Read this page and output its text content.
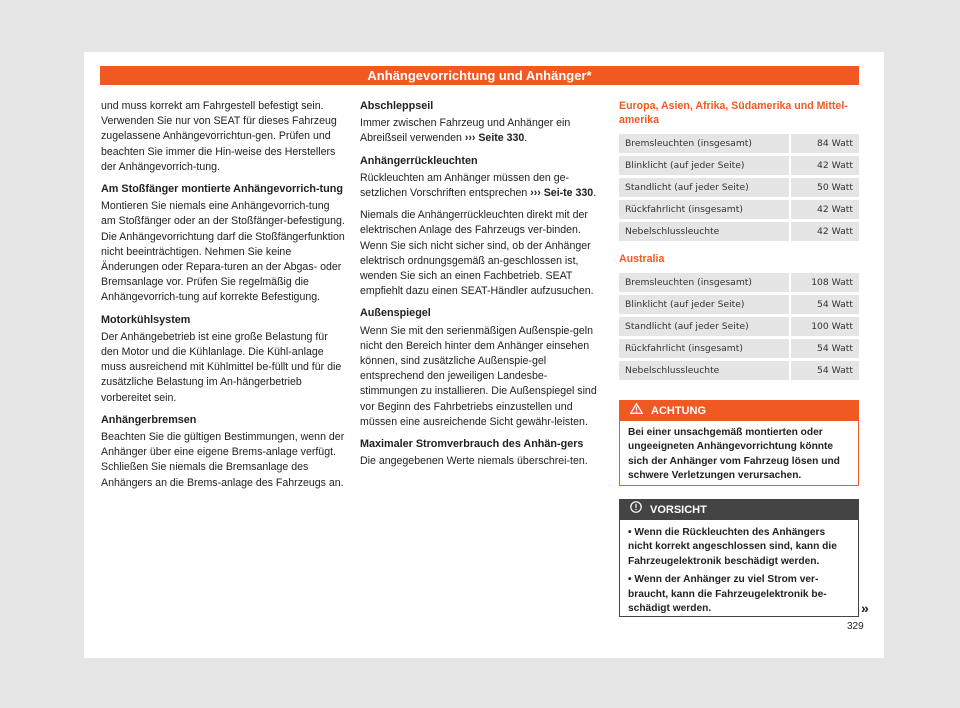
Anhängevorrichtung und Anhänger*

und muss korrekt am Fahrgestell befestigt sein. Verwenden Sie nur von SEAT für dieses Fahrzeug zugelassene Anhängevorrichtun-gen. Prüfen und beachten Sie immer die Hin-weise des Herstellers der Anhängevorrich-tung.

Am Stoßfänger montierte Anhängevorrich-tung

Montieren Sie niemals eine Anhängevorrich-tung am Stoßfänger oder an der Stoßfänger-befestigung. Die Anhängevorrichtung darf die Stoßfängerfunktion nicht beeinträchtigen. Nehmen Sie keine Änderungen oder Repara-turen an der Abgas- oder Bremsanlage vor. Prüfen Sie regelmäßig die Anhängevorrich-tung auf korrekte Befestigung.

Motorkühlsystem

Der Anhängebetrieb ist eine große Belastung für den Motor und die Kühlanlage. Die Kühl-anlage muss ausreichend mit Kühlmittel be-füllt und für die zusätzliche Belastung im An-hängerbetrieb vorbereitet sein.

Anhängerbremsen

Beachten Sie die gültigen Bestimmungen, wenn der Anhänger über eine eigene Brems-anlage verfügt. Schließen Sie niemals die Bremsanlage des Anhängers an die Brems-anlage des Fahrzeugs an.

Abschleppseil

Immer zwischen Fahrzeug und Anhänger ein Abreißseil verwenden ››› Seite 330.

Anhängerrückleuchten

Rückleuchten am Anhänger müssen den ge-setzlichen Vorschriften entsprechen ››› Sei-te 330.

Niemals die Anhängerrückleuchten direkt mit der elektrischen Anlage des Fahrzeugs ver-binden. Wenn Sie sich nicht sicher sind, ob der Anhänger elektrisch ordnungsgemäß an-geschlossen ist, wenden Sie sich an einen Fachbetrieb. SEAT empfiehlt dazu einen SEAT-Händler aufzusuchen.

Außenspiegel

Wenn Sie mit den serienmäßigen Außenspie-geln nicht den Bereich hinter dem Anhänger einsehen können, sind zusätzliche Außenspie-gel entsprechend den jeweiligen Landesbe-stimmungen zu installieren. Die Außenspiegel sind vor Beginn des Fahrbetriebs einzustellen und müssen eine ausreichende Sicht gewähr-leisten.

Maximaler Stromverbrauch des Anhän-gers

Die angegebenen Werte niemals überschrei-ten.

Europa, Asien, Afrika, Südamerika und Mittel-amerika
Bremsleuchten (insgesamt)	84 Watt
Blinklicht (auf jeder Seite)	42 Watt
Standlicht (auf jeder Seite)	50 Watt
Rückfahrlicht (insgesamt)	42 Watt
Nebelschlussleuchte	42 Watt
Australia
Bremsleuchten (insgesamt)	108 Watt
Blinklicht (auf jeder Seite)	54 Watt
Standlicht (auf jeder Seite)	100 Watt
Rückfahrlicht (insgesamt)	54 Watt
Nebelschlussleuchte	54 Watt
ACHTUNG
Bei einer unsachgemäß montierten oder ungeeigneten Anhängevorrichtung könnte sich der Anhänger vom Fahrzeug lösen und schwere Verletzungen verursachen.
VORSICHT
• Wenn die Rückleuchten des Anhängers nicht korrekt angeschlossen sind, kann die Fahrzeugelektronik beschädigt werden.
• Wenn der Anhänger zu viel Strom ver-braucht, kann die Fahrzeugelektronik be-schädigt werden.	»
329
